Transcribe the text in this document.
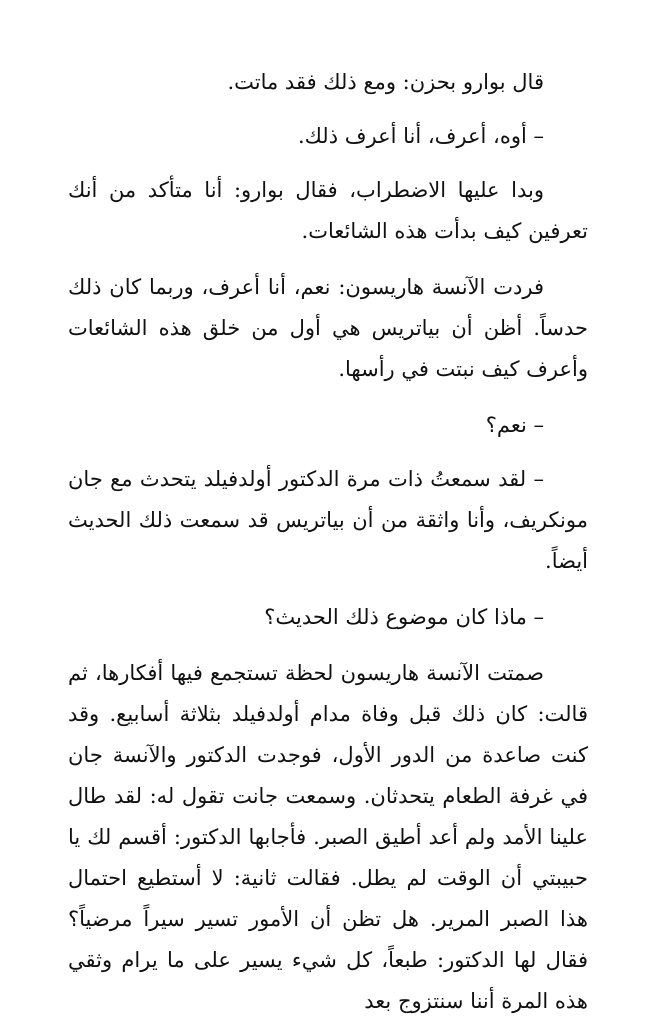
قال بوارو بحزن: ومع ذلك فقد ماتت.

– أوه، أعرف، أنا أعرف ذلك.

وبدا عليها الاضطراب، فقال بوارو: أنا متأكد من أنك تعرفين كيف بدأت هذه الشائعات.

فردت الآنسة هاريسون: نعم، أنا أعرف، وربما كان ذلك حدساً. أظن أن بياتريس هي أول من خلق هذه الشائعات وأعرف كيف نبتت في رأسها.

– نعم؟

– لقد سمعتُ ذات مرة الدكتور أولدفيلد يتحدث مع جان مونكريف، وأنا واثقة من أن بياتريس قد سمعت ذلك الحديث أيضاً.

– ماذا كان موضوع ذلك الحديث؟

صمتت الآنسة هاريسون لحظة تستجمع فيها أفكارها، ثم قالت: كان ذلك قبل وفاة مدام أولدفيلد بثلاثة أسابيع. وقد كنت صاعدة من الدور الأول، فوجدت الدكتور والآنسة جان في غرفة الطعام يتحدثان. وسمعت جانت تقول له: لقد طال علينا الأمد ولم أعد أطيق الصبر. فأجابها الدكتور: أقسم لك يا حبيبتي أن الوقت لم يطل. فقالت ثانية: لا أستطيع احتمال هذا الصبر المرير. هل تظن أن الأمور تسير سيراً مرضياً؟ فقال لها الدكتور: طبعاً، كل شيء يسير على ما يرام وثقي هذه المرة أننا سنتزوج بعد
